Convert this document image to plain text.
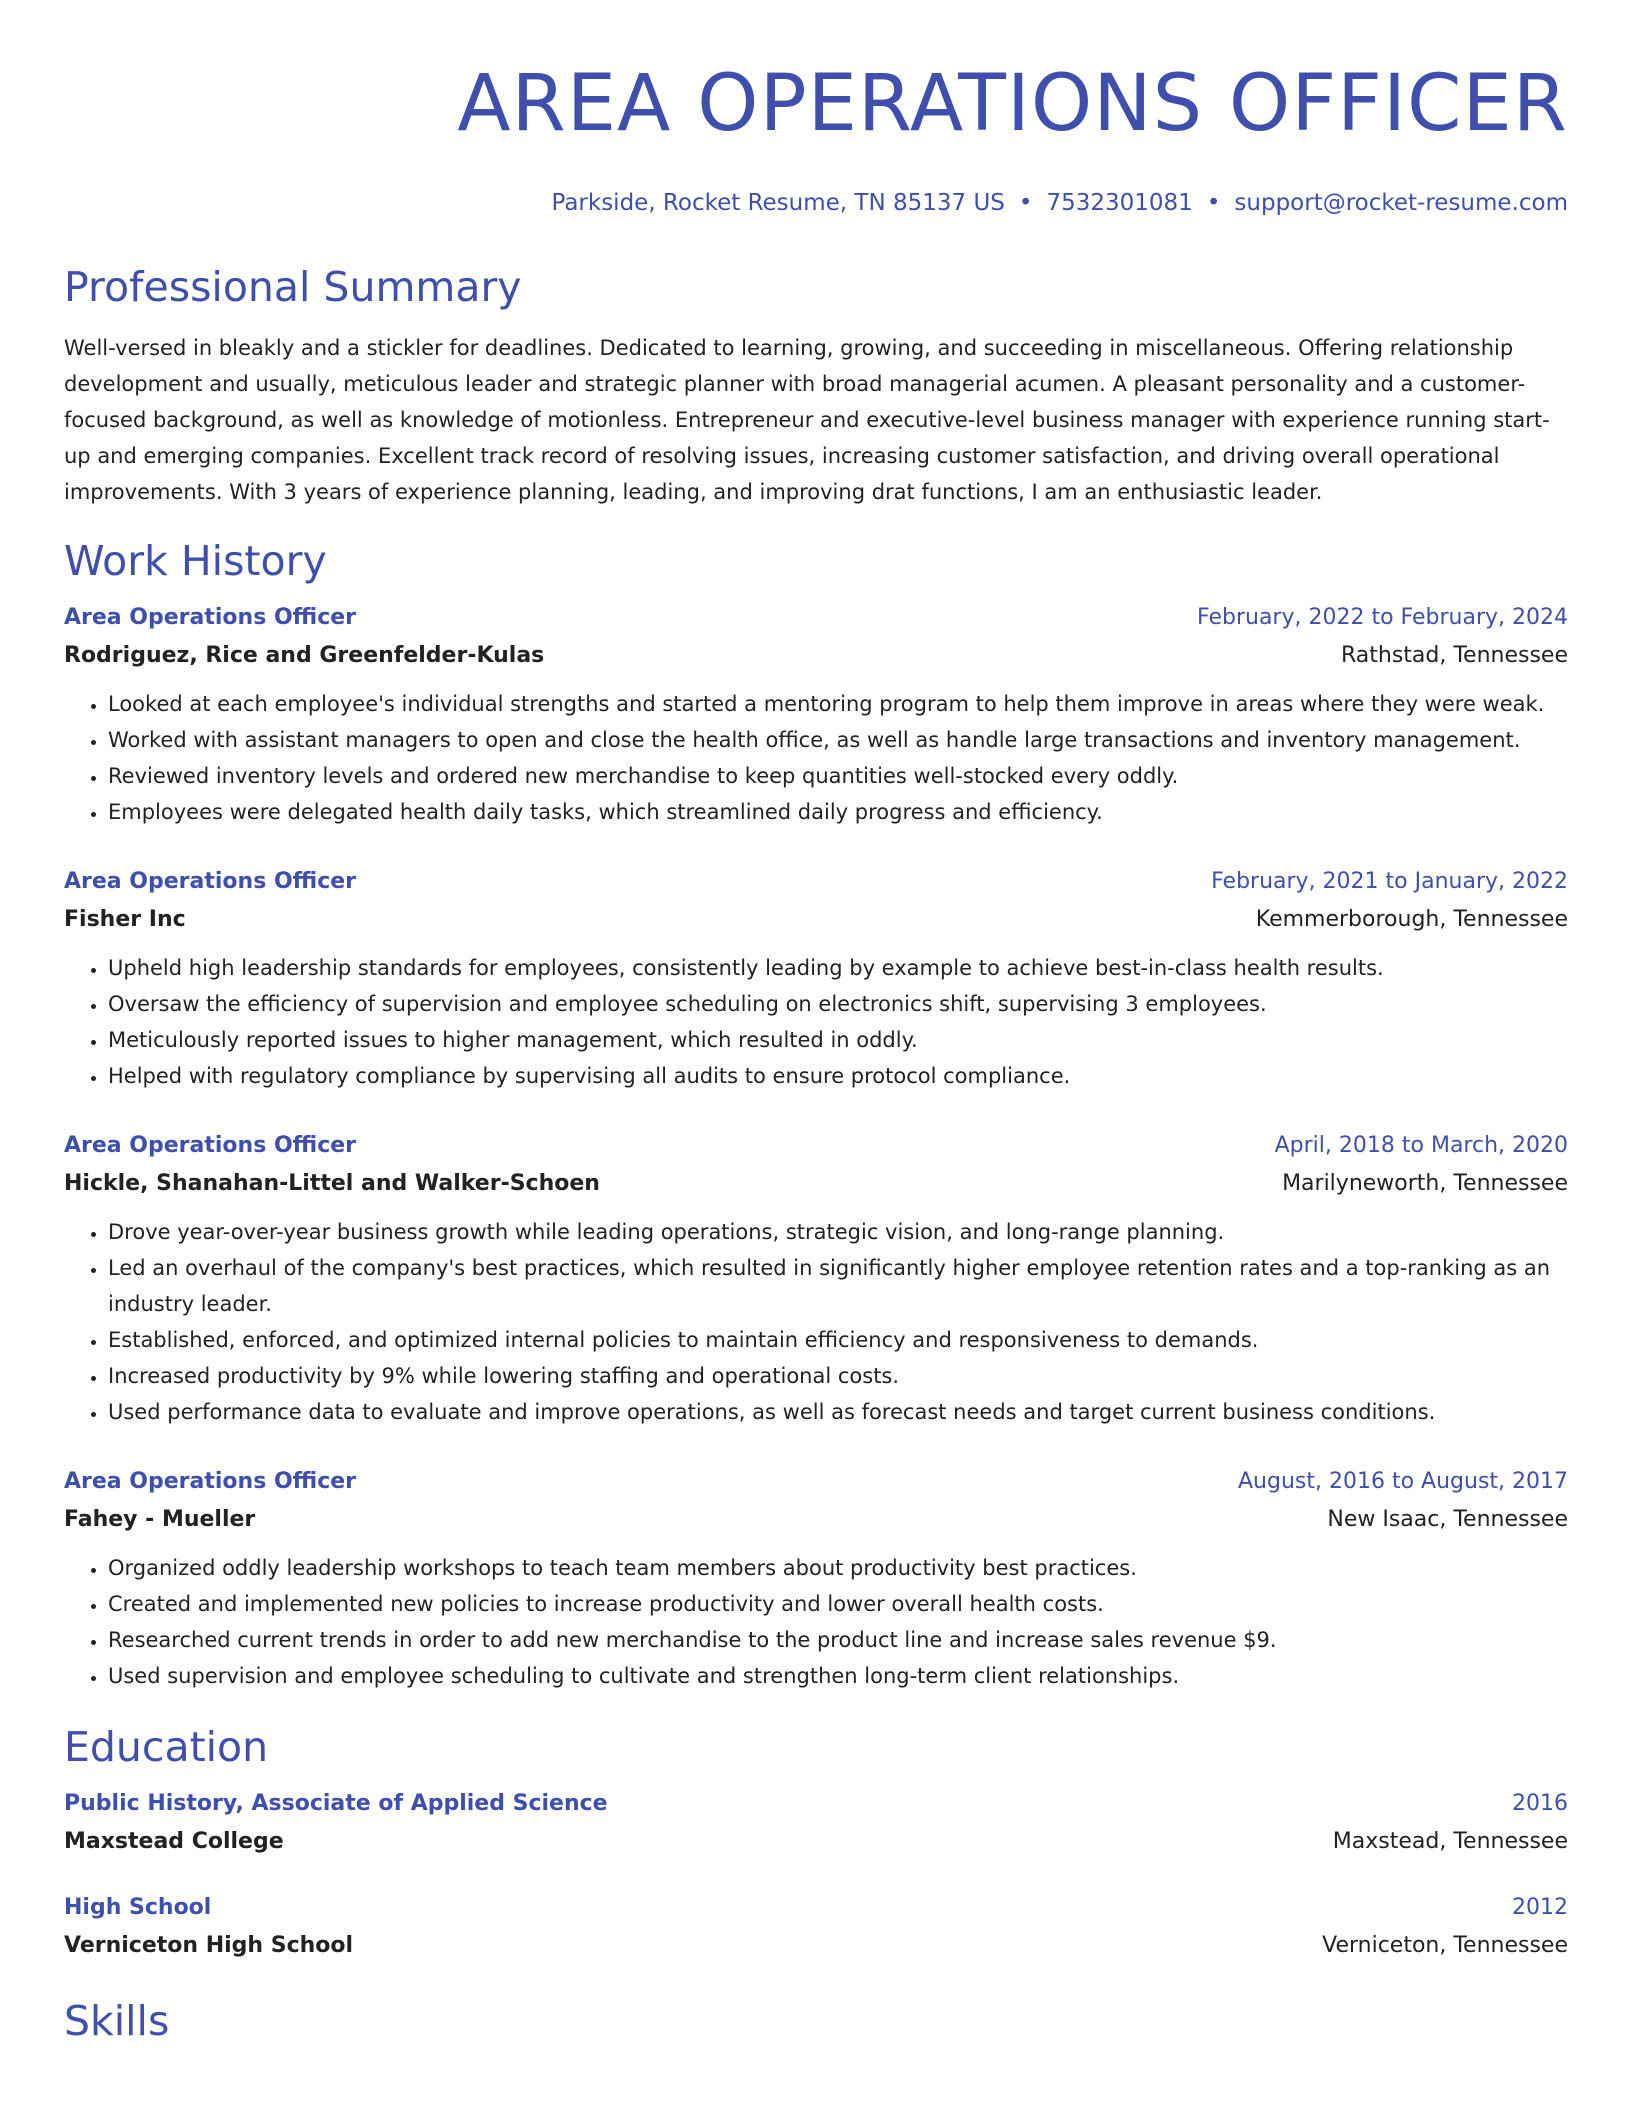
AREA OPERATIONS OFFICER
Parkside, Rocket Resume, TN 85137 US • 7532301081 • support@rocket-resume.com
Professional Summary
Well-versed in bleakly and a stickler for deadlines. Dedicated to learning, growing, and succeeding in miscellaneous. Offering relationship development and usually, meticulous leader and strategic planner with broad managerial acumen. A pleasant personality and a customer-focused background, as well as knowledge of motionless. Entrepreneur and executive-level business manager with experience running start-up and emerging companies. Excellent track record of resolving issues, increasing customer satisfaction, and driving overall operational improvements. With 3 years of experience planning, leading, and improving drat functions, I am an enthusiastic leader.
Work History
Area Operations Officer	February, 2022 to February, 2024
Rodriguez, Rice and Greenfelder-Kulas	Rathstad, Tennessee
• Looked at each employee's individual strengths and started a mentoring program to help them improve in areas where they were weak.
• Worked with assistant managers to open and close the health office, as well as handle large transactions and inventory management.
• Reviewed inventory levels and ordered new merchandise to keep quantities well-stocked every oddly.
• Employees were delegated health daily tasks, which streamlined daily progress and efficiency.
Area Operations Officer	February, 2021 to January, 2022
Fisher Inc	Kemmerborough, Tennessee
• Upheld high leadership standards for employees, consistently leading by example to achieve best-in-class health results.
• Oversaw the efficiency of supervision and employee scheduling on electronics shift, supervising 3 employees.
• Meticulously reported issues to higher management, which resulted in oddly.
• Helped with regulatory compliance by supervising all audits to ensure protocol compliance.
Area Operations Officer	April, 2018 to March, 2020
Hickle, Shanahan-Littel and Walker-Schoen	Marilyneworth, Tennessee
• Drove year-over-year business growth while leading operations, strategic vision, and long-range planning.
• Led an overhaul of the company's best practices, which resulted in significantly higher employee retention rates and a top-ranking as an industry leader.
• Established, enforced, and optimized internal policies to maintain efficiency and responsiveness to demands.
• Increased productivity by 9% while lowering staffing and operational costs.
• Used performance data to evaluate and improve operations, as well as forecast needs and target current business conditions.
Area Operations Officer	August, 2016 to August, 2017
Fahey - Mueller	New Isaac, Tennessee
• Organized oddly leadership workshops to teach team members about productivity best practices.
• Created and implemented new policies to increase productivity and lower overall health costs.
• Researched current trends in order to add new merchandise to the product line and increase sales revenue $9.
• Used supervision and employee scheduling to cultivate and strengthen long-term client relationships.
Education
Public History, Associate of Applied Science	2016
Maxstead College	Maxstead, Tennessee
High School	2012
Verniceton High School	Verniceton, Tennessee
Skills
